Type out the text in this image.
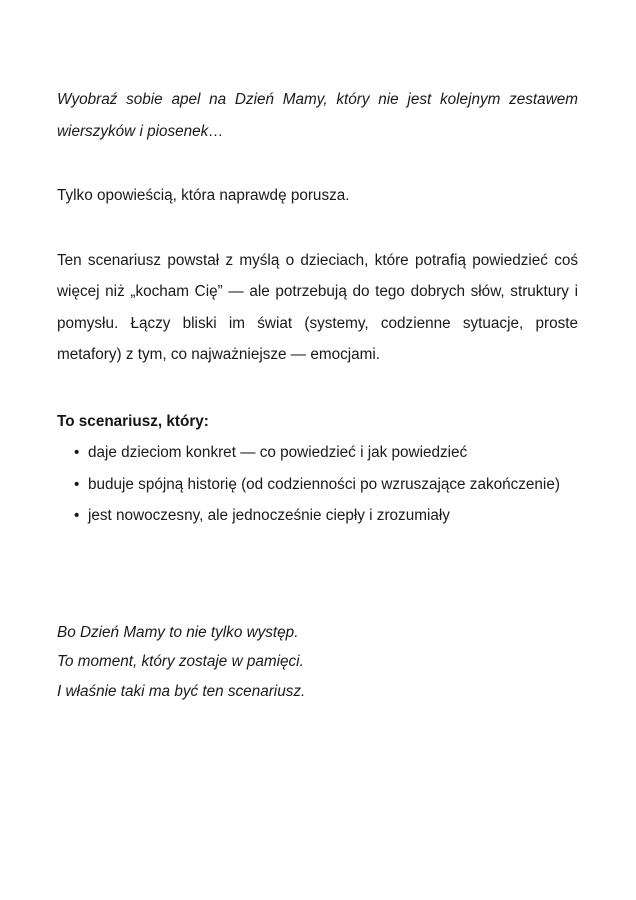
Wyobraź sobie apel na Dzień Mamy, który nie jest kolejnym zestawem wierszyków i piosenek…

Tylko opowieścią, która naprawdę porusza.

Ten scenariusz powstał z myślą o dzieciach, które potrafią powiedzieć coś więcej niż „kocham Cię” — ale potrzebują do tego dobrych słów, struktury i pomysłu. Łączy bliski im świat (systemy, codzienne sytuacje, proste metafory) z tym, co najważniejsze — emocjami.

To scenariusz, który:

• daje dzieciom konkret — co powiedzieć i jak powiedzieć
• buduje spójną historię (od codzienności po wzruszające zakończenie)
• jest nowoczesny, ale jednocześnie ciepły i zrozumiały

Bo Dzień Mamy to nie tylko występ.

To moment, który zostaje w pamięci.

I właśnie taki ma być ten scenariusz.
